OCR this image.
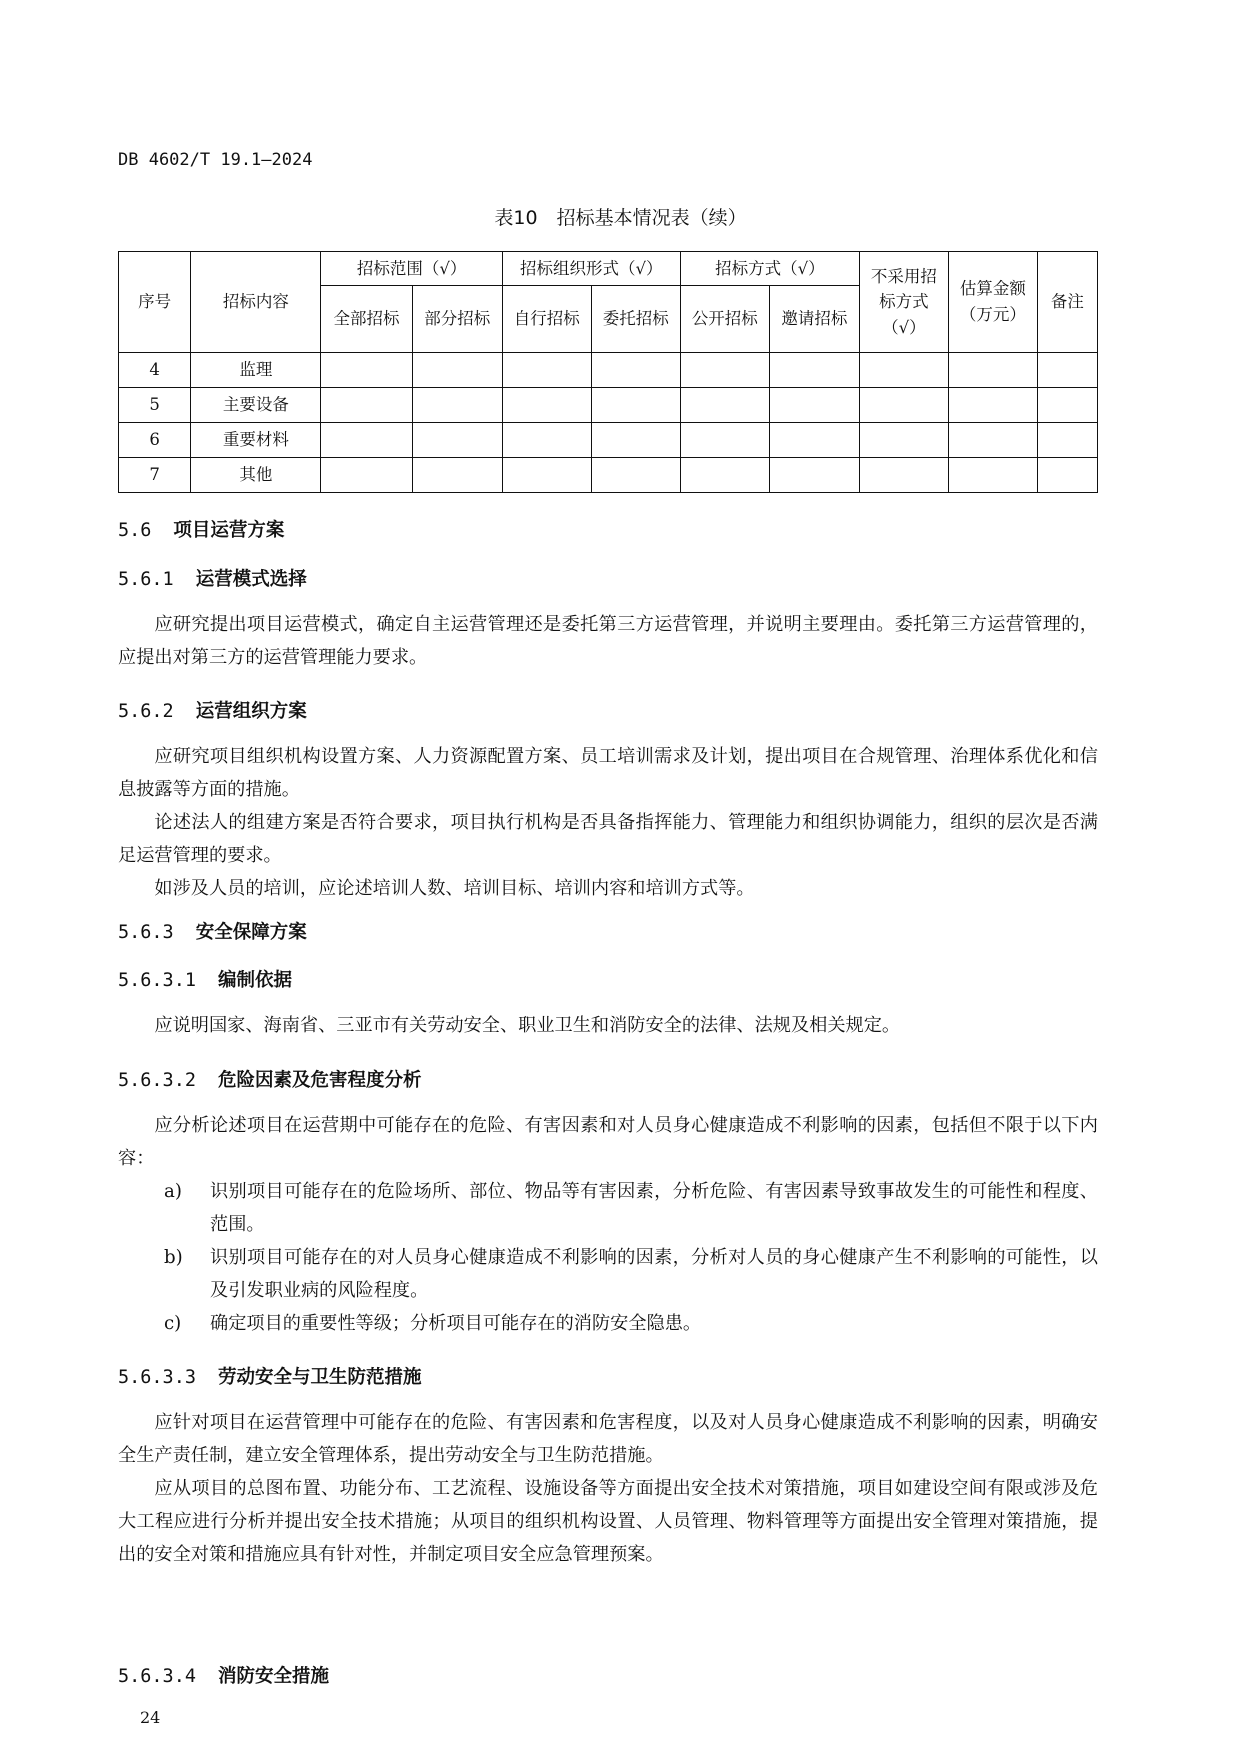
DB 4602/T 19.1—2024
表10　招标基本情况表（续）
序号	招标内容	招标范围（√）		招标组织形式（√）		招标方式（√）		不采用招标方式（√）	估算金额（万元）	备注
		全部招标	部分招标	自行招标	委托招标	公开招标	邀请招标			
4	监理									
5	主要设备									
6	重要材料									
7	其他									
5.6 项目运营方案
5.6.1 运营模式选择
应研究提出项目运营模式，确定自主运营管理还是委托第三方运营管理，并说明主要理由。委托第三方运营管理的，应提出对第三方的运营管理能力要求。
5.6.2 运营组织方案
应研究项目组织机构设置方案、人力资源配置方案、员工培训需求及计划，提出项目在合规管理、治理体系优化和信息披露等方面的措施。
论述法人的组建方案是否符合要求，项目执行机构是否具备指挥能力、管理能力和组织协调能力，组织的层次是否满足运营管理的要求。
如涉及人员的培训，应论述培训人数、培训目标、培训内容和培训方式等。
5.6.3 安全保障方案
5.6.3.1 编制依据
应说明国家、海南省、三亚市有关劳动安全、职业卫生和消防安全的法律、法规及相关规定。
5.6.3.2 危险因素及危害程度分析
应分析论述项目在运营期中可能存在的危险、有害因素和对人员身心健康造成不利影响的因素，包括但不限于以下内容：
a) 识别项目可能存在的危险场所、部位、物品等有害因素，分析危险、有害因素导致事故发生的可能性和程度、范围。
b) 识别项目可能存在的对人员身心健康造成不利影响的因素，分析对人员的身心健康产生不利影响的可能性，以及引发职业病的风险程度。
c) 确定项目的重要性等级；分析项目可能存在的消防安全隐患。
5.6.3.3 劳动安全与卫生防范措施
应针对项目在运营管理中可能存在的危险、有害因素和危害程度，以及对人员身心健康造成不利影响的因素，明确安全生产责任制，建立安全管理体系，提出劳动安全与卫生防范措施。
应从项目的总图布置、功能分布、工艺流程、设施设备等方面提出安全技术对策措施，项目如建设空间有限或涉及危大工程应进行分析并提出安全技术措施；从项目的组织机构设置、人员管理、物料管理等方面提出安全管理对策措施，提出的安全对策和措施应具有针对性，并制定项目安全应急管理预案。
5.6.3.4 消防安全措施
24
